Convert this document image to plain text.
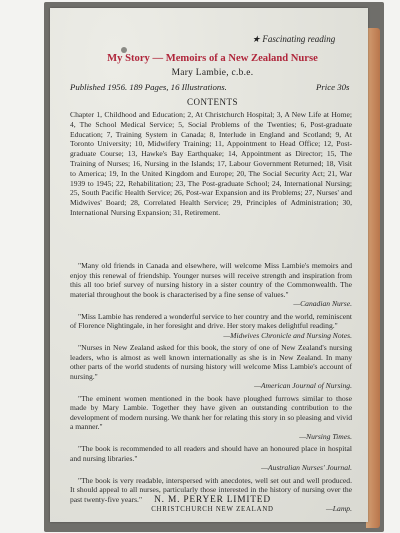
★ Fascinating reading
My Story — Memoirs of a New Zealand Nurse
Mary Lambie, c.b.e.
Published 1956. 189 Pages, 16 Illustrations.	Price 30s
CONTENTS
Chapter 1, Childhood and Education; 2, At Christchurch Hospital; 3, A New Life at Home; 4, The School Medical Service; 5, Social Problems of the Twenties; 6, Post-graduate Education; 7, Training System in Canada; 8, Interlude in England and Scotland; 9, At Toronto University; 10, Midwifery Training; 11, Appointment to Head Office; 12, Post-graduate Course; 13, Hawke's Bay Earthquake; 14, Appointment as Director; 15, The Training of Nurses; 16, Nursing in the Islands; 17, Labour Government Returned; 18, Visit to America; 19, In the United Kingdom and Europe; 20, The Social Security Act; 21, War 1939 to 1945; 22, Rehabilitation; 23, The Post-graduate School; 24, International Nursing; 25, South Pacific Health Service; 26, Post-war Expansion and its Problems; 27, Nurses' and Midwives' Board; 28, Correlated Health Service; 29, Principles of Administration; 30, International Nursing Expansion; 31, Retirement.
"Many old friends in Canada and elsewhere, will welcome Miss Lambie's memoirs and enjoy this renewal of friendship. Younger nurses will receive strength and inspiration from this all too brief survey of nursing history in a sister country of the Commonwealth. The material throughout the book is characterised by a fine sense of values."
—Canadian Nurse.
"Miss Lambie has rendered a wonderful service to her country and the world, reminiscent of Florence Nightingale, in her foresight and drive. Her story makes delightful reading."
—Midwives Chronicle and Nursing Notes.
"Nurses in New Zealand asked for this book, the story of one of New Zealand's nursing leaders, who is almost as well known internationally as she is in New Zealand. In many other parts of the world students of nursing history will welcome Miss Lambie's account of nursing."
—American Journal of Nursing.
"The eminent women mentioned in the book have ploughed furrows similar to those made by Mary Lambie. Together they have given an outstanding contribution to the development of modern nursing. We thank her for relating this story in so pleasing and vivid a manner."
—Nursing Times.
"The book is recommended to all readers and should have an honoured place in hospital and nursing libraries."
—Australian Nurses' Journal.
"The book is very readable, interspersed with anecdotes, well set out and well produced. It should appeal to all nurses, particularly those interested in the history of nursing over the past twenty-five years."
—Lamp.
N. M. PERYER LIMITED
CHRISTCHURCH NEW ZEALAND
